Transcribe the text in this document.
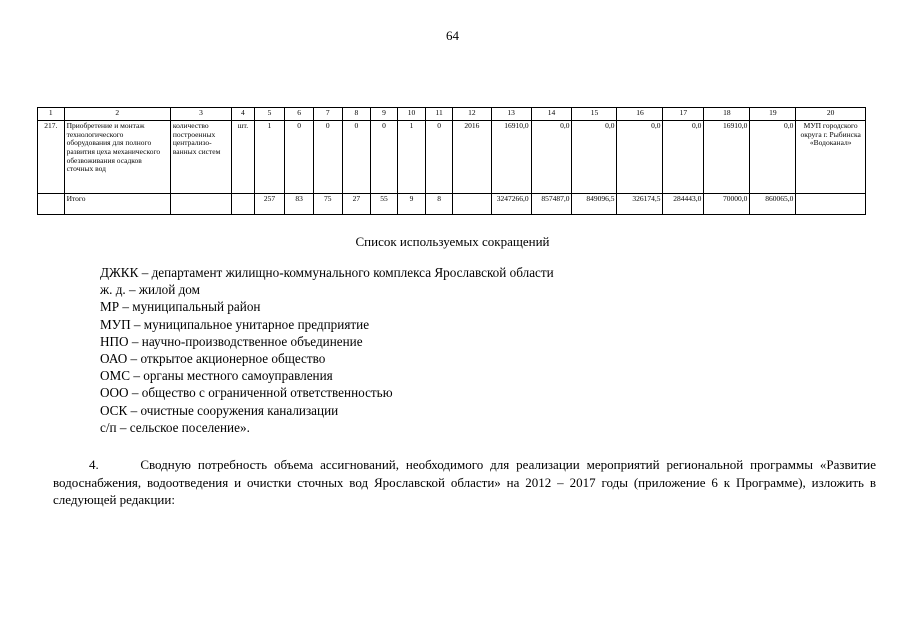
64
1	2	3	4	5	6	7	8	9	10	11	12	13	14	15	16	17	18	19	20
217.	Приобретение и монтаж технологического оборудования для полного развития цеха механического обезвоживания осадков сточных вод	количество построенных централизо-ванных систем	шт.	1	0	0	0	0	1	0	2016	16910,0	0,0	0,0	0,0	0,0	16910,0	0,0	МУП городского округа г. Рыбинска «Водоканал»
	Итого			257	83	75	27	55	9	8		3247266,0	857487,0	849096,5	326174,5	284443,0	70000,0	860065,0	
Список используемых сокращений
ДЖКК – департамент жилищно-коммунального комплекса Ярославской области
ж. д. – жилой дом
МР – муниципальный район
МУП – муниципальное унитарное предприятие
НПО – научно-производственное объединение
ОАО – открытое акционерное общество
ОМС – органы местного самоуправления
ООО – общество с ограниченной ответственностью
ОСК – очистные сооружения канализации
с/п – сельское поселение».
4.      Сводную потребность объема ассигнований, необходимого для реализации мероприятий региональной программы «Развитие водоснабжения, водоотведения и очистки сточных вод Ярославской области» на 2012 – 2017 годы (приложение 6 к Программе), изложить в следующей редакции:
